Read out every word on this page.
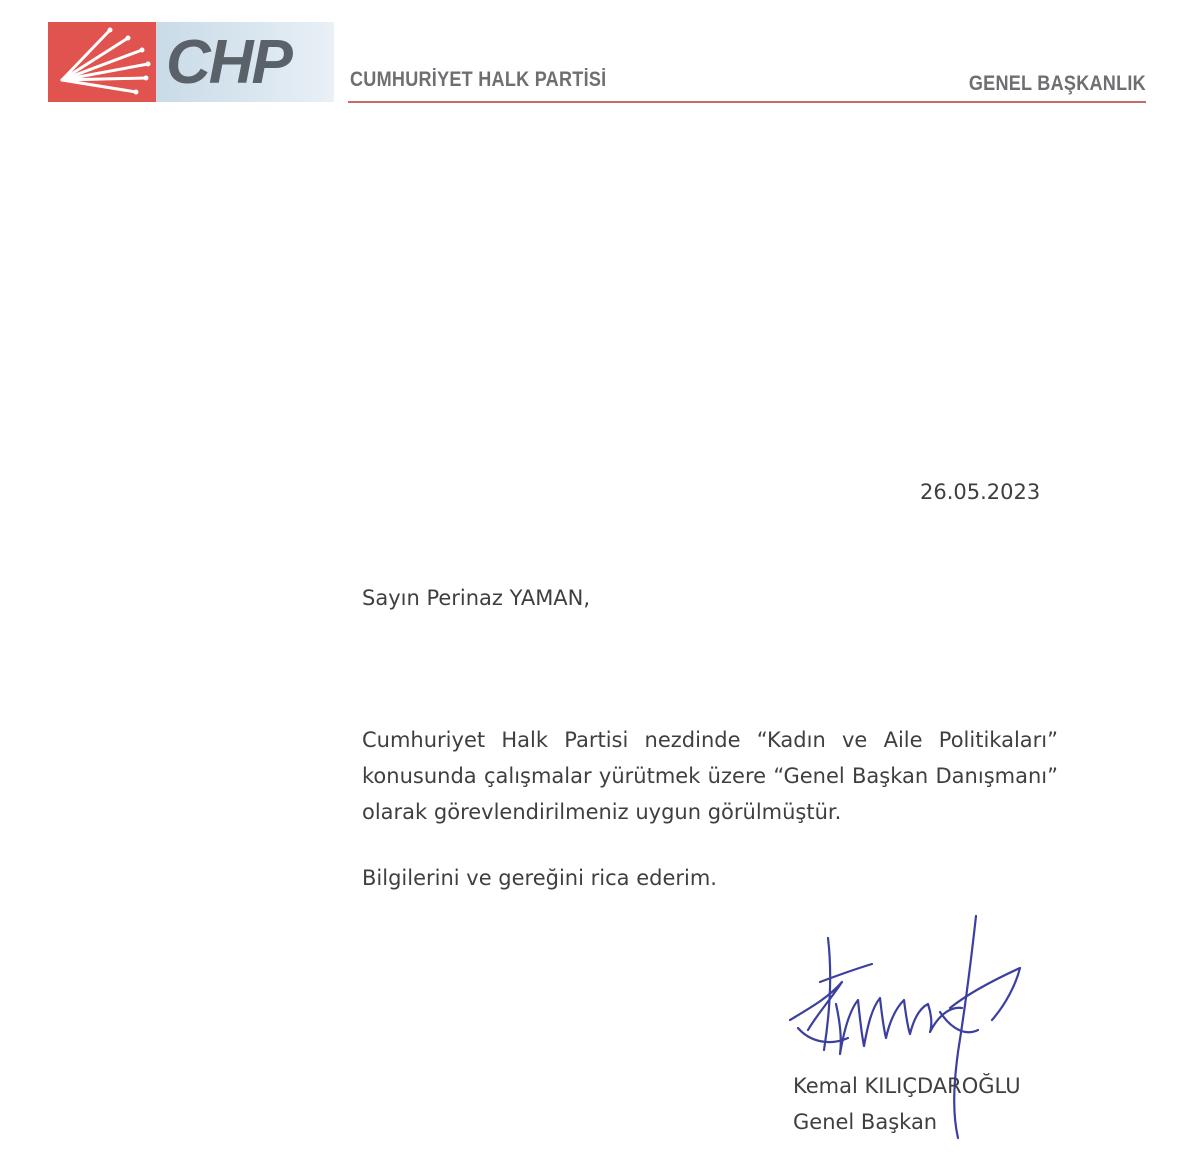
CHP	CUMHURİYET HALK PARTİSİ	GENEL BAŞKANLIK
26.05.2023
Sayın Perinaz YAMAN,
Cumhuriyet Halk Partisi nezdinde “Kadın ve Aile Politikaları” konusunda çalışmalar yürütmek üzere “Genel Başkan Danışmanı” olarak görevlendirilmeniz uygun görülmüştür.
Bilgilerini ve gereğini rica ederim.
Kemal KILIÇDAROĞLU
Genel Başkan
